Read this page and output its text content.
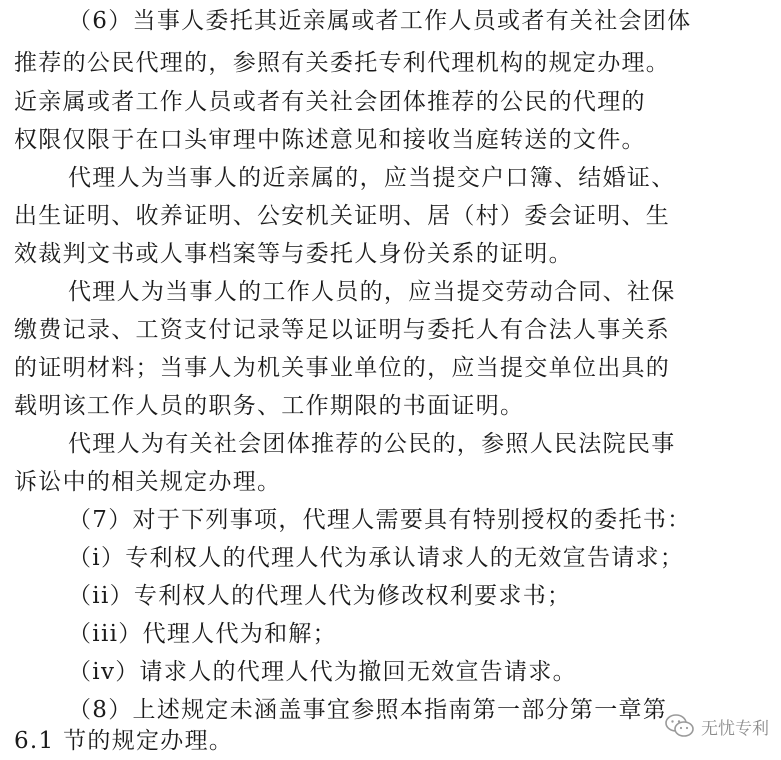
（6）当事人委托其近亲属或者工作人员或者有关社会团体
推荐的公民代理的，参照有关委托专利代理机构的规定办理。
近亲属或者工作人员或者有关社会团体推荐的公民的代理的
权限仅限于在口头审理中陈述意见和接收当庭转送的文件。
代理人为当事人的近亲属的，应当提交户口簿、结婚证、
出生证明、收养证明、公安机关证明、居（村）委会证明、生
效裁判文书或人事档案等与委托人身份关系的证明。
代理人为当事人的工作人员的，应当提交劳动合同、社保
缴费记录、工资支付记录等足以证明与委托人有合法人事关系
的证明材料；当事人为机关事业单位的，应当提交单位出具的
载明该工作人员的职务、工作期限的书面证明。
代理人为有关社会团体推荐的公民的，参照人民法院民事
诉讼中的相关规定办理。
（7）对于下列事项，代理人需要具有特别授权的委托书：
（i）专利权人的代理人代为承认请求人的无效宣告请求；
（ii）专利权人的代理人代为修改权利要求书；
（iii）代理人代为和解；
（iv）请求人的代理人代为撤回无效宣告请求。
（8）上述规定未涵盖事宜参照本指南第一部分第一章第
6.1 节的规定办理。	无忧专利
